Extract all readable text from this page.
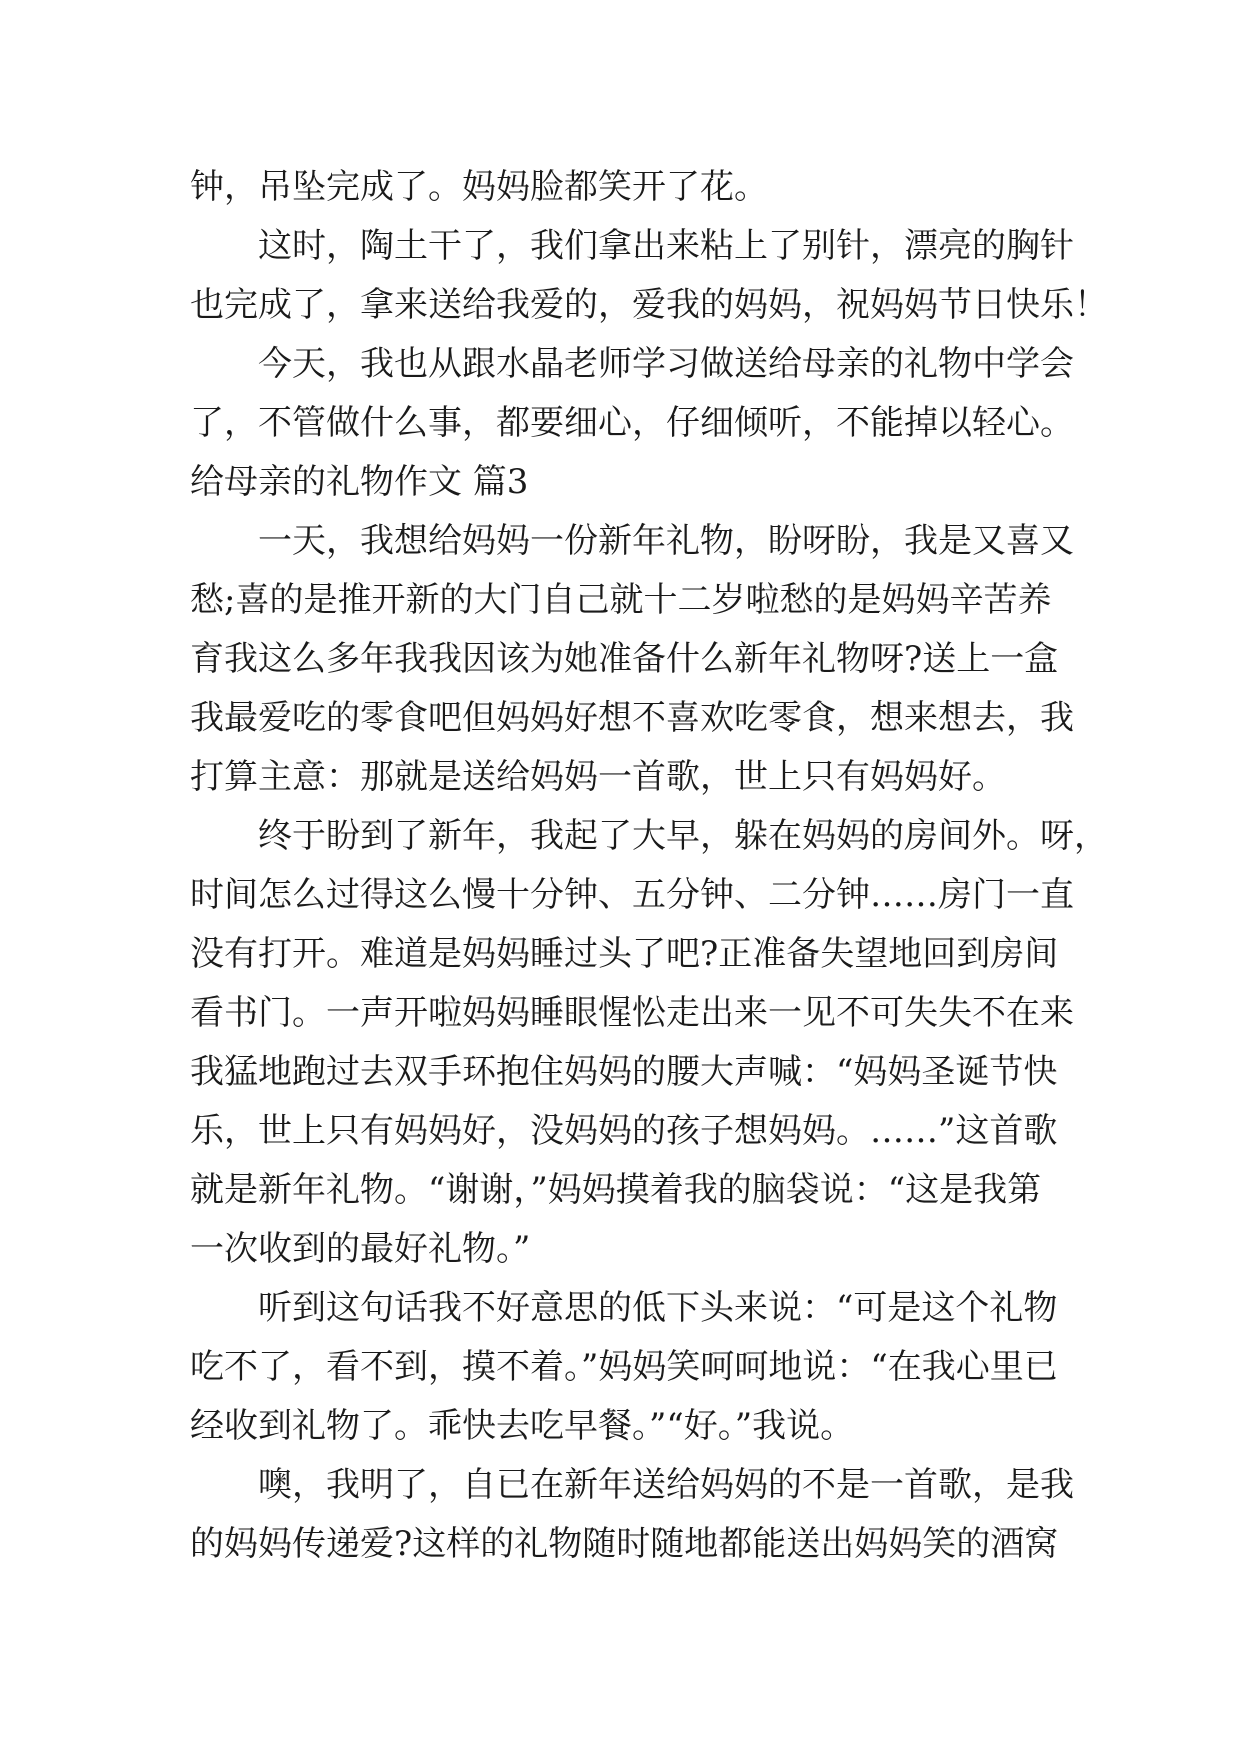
钟，吊坠完成了。妈妈脸都笑开了花。
这时，陶土干了，我们拿出来粘上了别针，漂亮的胸针
也完成了，拿来送给我爱的，爱我的妈妈，祝妈妈节日快乐！
今天，我也从跟水晶老师学习做送给母亲的礼物中学会
了，不管做什么事，都要细心，仔细倾听，不能掉以轻心。
给母亲的礼物作文 篇3
一天，我想给妈妈一份新年礼物，盼呀盼，我是又喜又
愁;喜的是推开新的大门自己就十二岁啦愁的是妈妈辛苦养
育我这么多年我我因该为她准备什么新年礼物呀?送上一盒
我最爱吃的零食吧但妈妈好想不喜欢吃零食，想来想去，我
打算主意：那就是送给妈妈一首歌，世上只有妈妈好。
终于盼到了新年，我起了大早，躲在妈妈的房间外。呀，
时间怎么过得这么慢十分钟、五分钟、二分钟……房门一直
没有打开。难道是妈妈睡过头了吧?正准备失望地回到房间
看书门。一声开啦妈妈睡眼惺忪走出来一见不可失失不在来
我猛地跑过去双手环抱住妈妈的腰大声喊：“妈妈圣诞节快
乐，世上只有妈妈好，没妈妈的孩子想妈妈。……”这首歌
就是新年礼物。“谢谢，”妈妈摸着我的脑袋说：“这是我第
一次收到的最好礼物。”
听到这句话我不好意思的低下头来说：“可是这个礼物
吃不了，看不到，摸不着。”妈妈笑呵呵地说：“在我心里已
经收到礼物了。乖快去吃早餐。”“好。”我说。
噢，我明了，自已在新年送给妈妈的不是一首歌，是我
的妈妈传递爱?这样的礼物随时随地都能送出妈妈笑的酒窝
